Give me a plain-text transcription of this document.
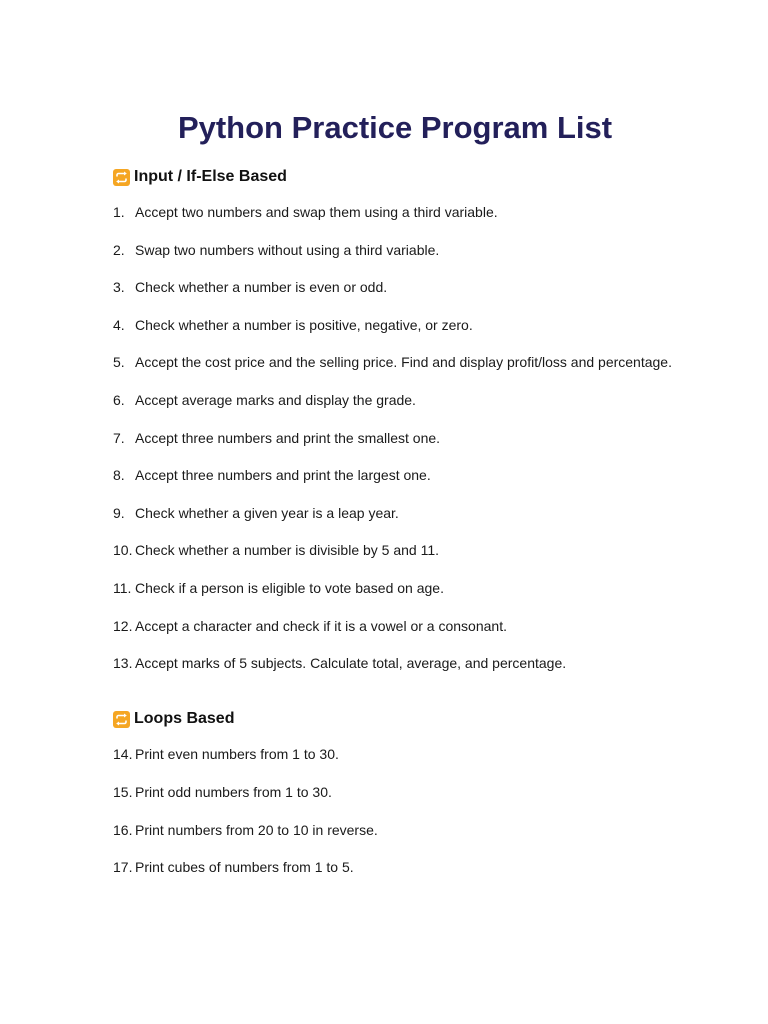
Python Practice Program List
Input / If-Else Based
1. Accept two numbers and swap them using a third variable.
2. Swap two numbers without using a third variable.
3. Check whether a number is even or odd.
4. Check whether a number is positive, negative, or zero.
5. Accept the cost price and the selling price. Find and display profit/loss and percentage.
6. Accept average marks and display the grade.
7. Accept three numbers and print the smallest one.
8. Accept three numbers and print the largest one.
9. Check whether a given year is a leap year.
10. Check whether a number is divisible by 5 and 11.
11. Check if a person is eligible to vote based on age.
12. Accept a character and check if it is a vowel or a consonant.
13. Accept marks of 5 subjects. Calculate total, average, and percentage.
Loops Based
14. Print even numbers from 1 to 30.
15. Print odd numbers from 1 to 30.
16. Print numbers from 20 to 10 in reverse.
17. Print cubes of numbers from 1 to 5.
